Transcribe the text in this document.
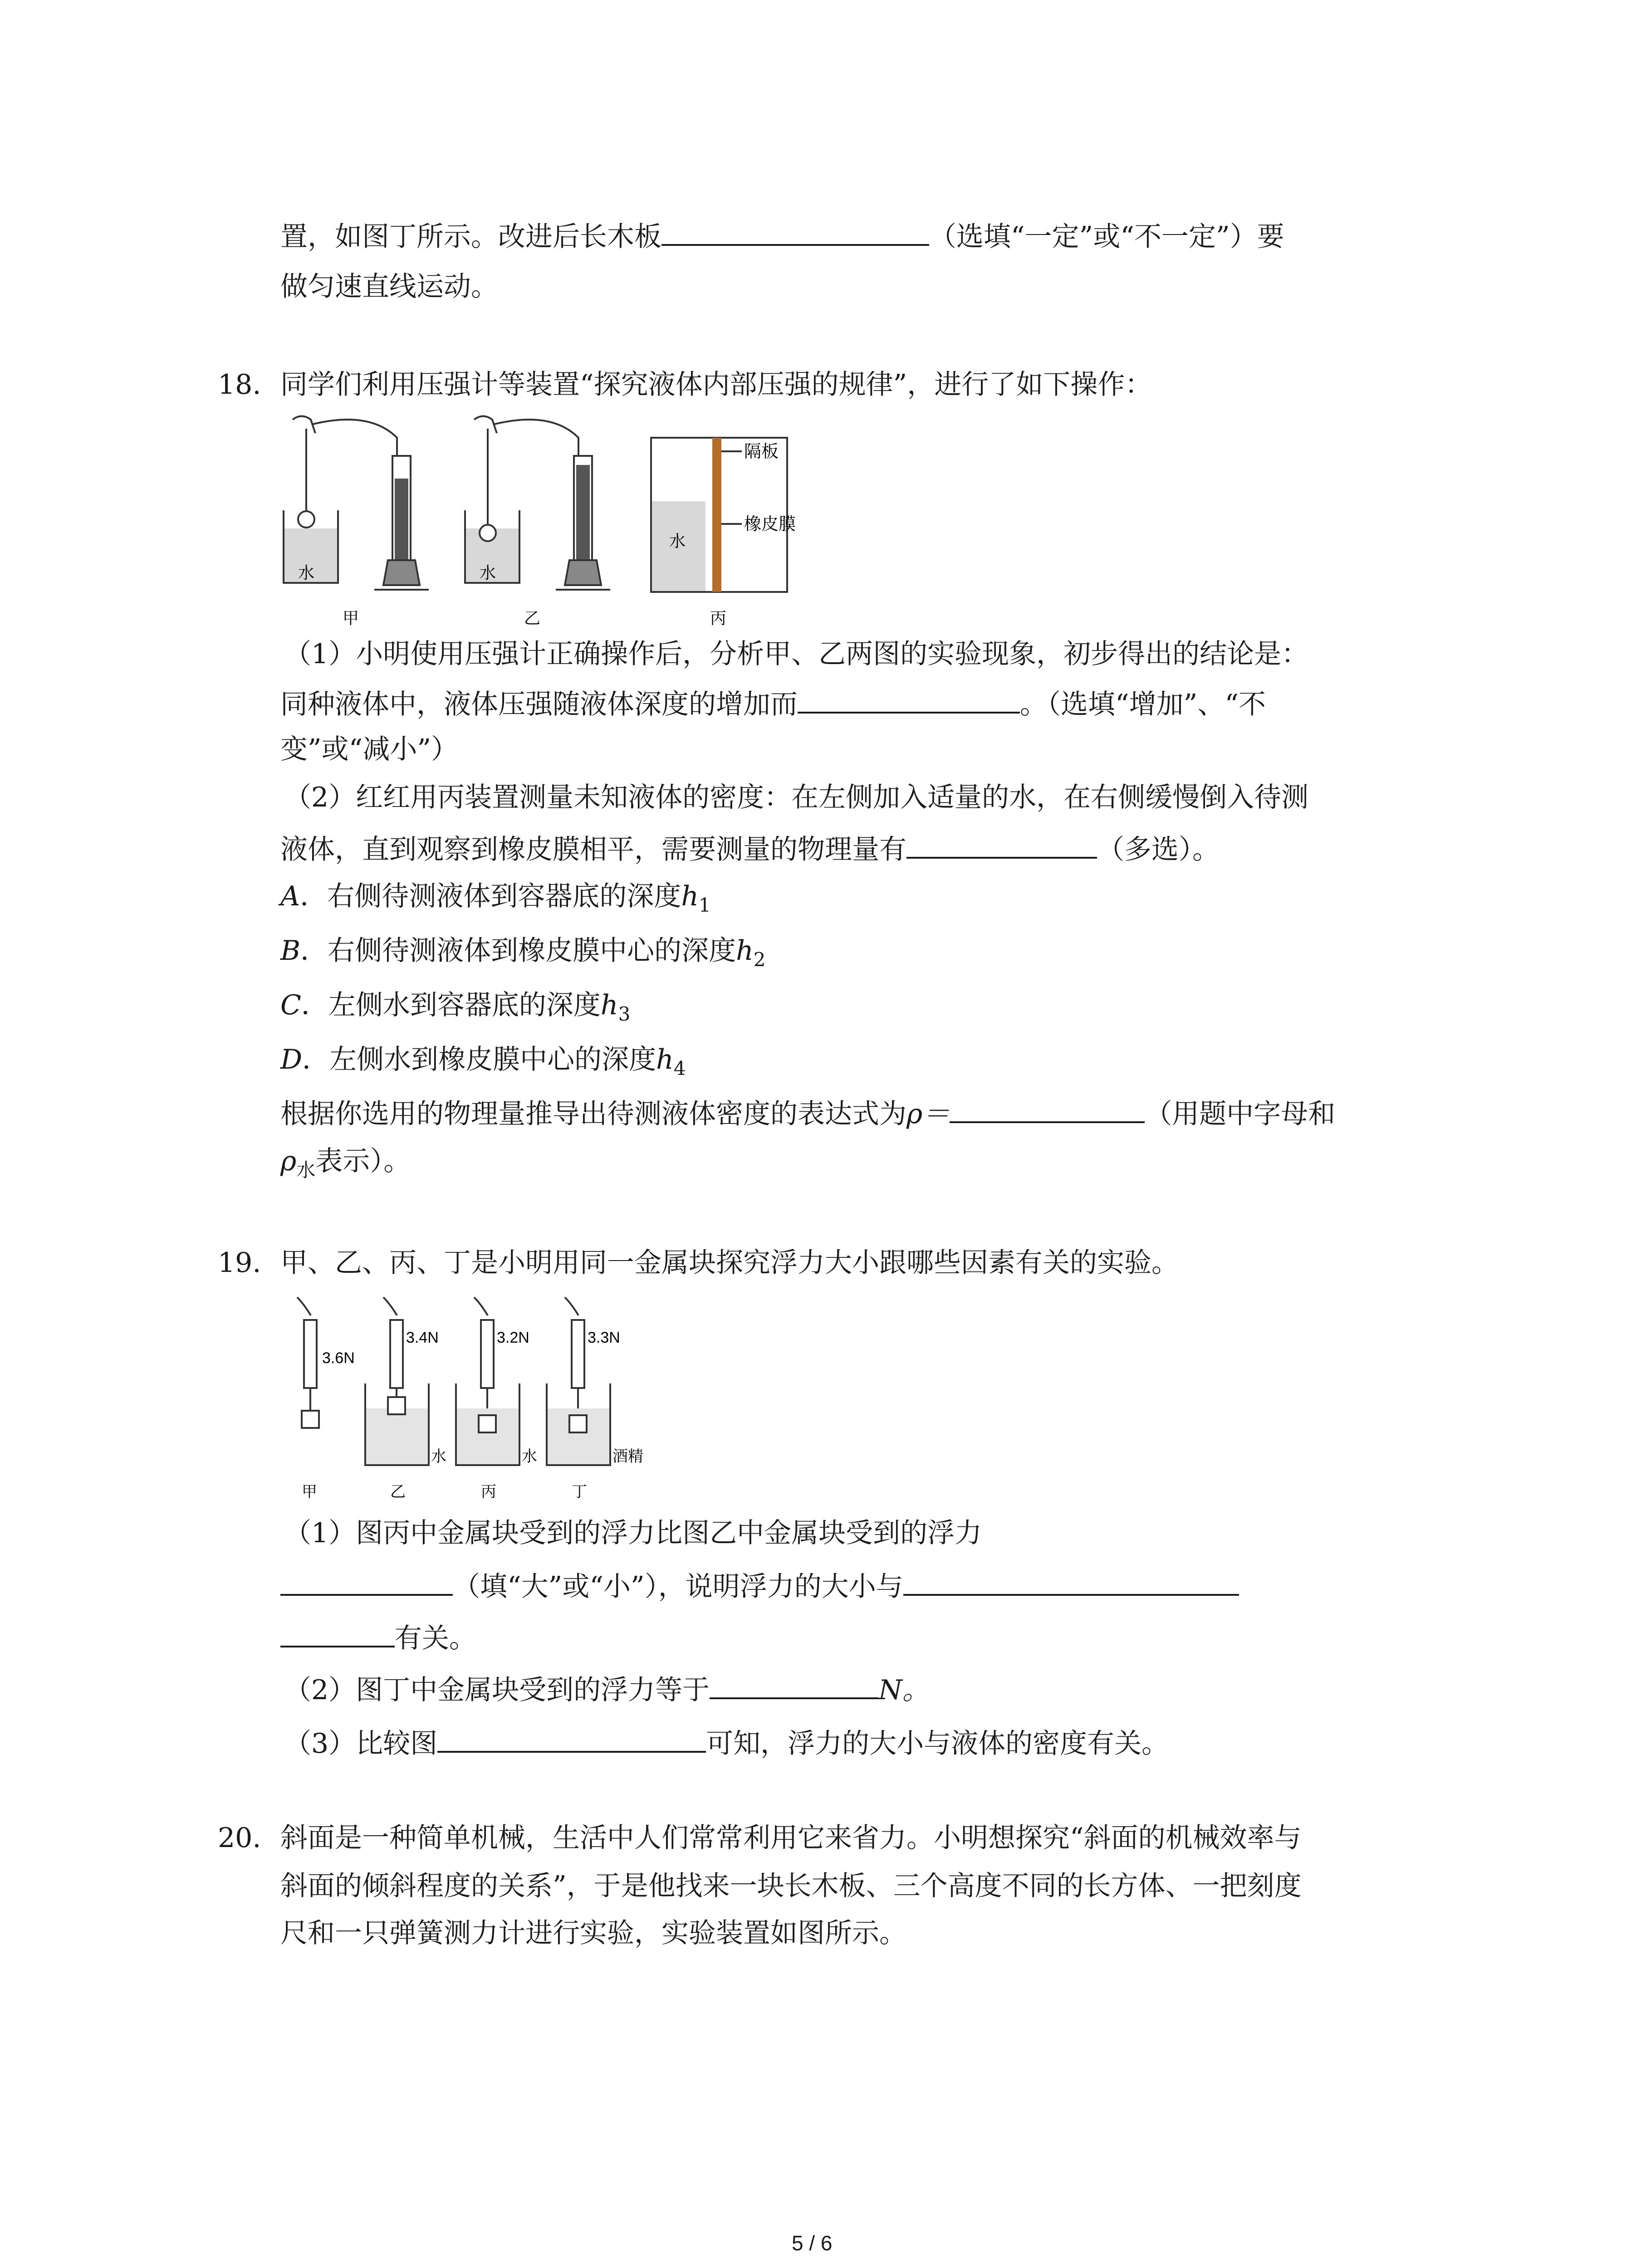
置，如图丁所示。改进后长木板	（选填“一定”或“不一定”）要
做匀速直线运动。
18. 同学们利用压强计等装置“探究液体内部压强的规律”，进行了如下操作：
水	水
水
隔板
橡皮膜
甲	乙	丙
（1）小明使用压强计正确操作后，分析甲、乙两图的实验现象，初步得出的结论是：
同种液体中，液体压强随液体深度的增加而	。（选填“增加”、“不
变”或“减小”）
（2）红红用丙装置测量未知液体的密度：在左侧加入适量的水，在右侧缓慢倒入待测
液体，直到观察到橡皮膜相平，需要测量的物理量有	（多选）。
A．右侧待测液体到容器底的深度$h_1$
B．右侧待测液体到橡皮膜中心的深度$h_2$
C．左侧水到容器底的深度$h_3$
D．左侧水到橡皮膜中心的深度$h_4$
根据你选用的物理量推导出待测液体密度的表达式为ρ＝	（用题中字母和
$\rho_水$表示）。
19. 甲、乙、丙、丁是小明用同一金属块探究浮力大小跟哪些因素有关的实验。
3.6N
3.4N	3.2N	3.3N
水	水	酒精
甲	乙	丙	丁
（1）图丙中金属块受到的浮力比图乙中金属块受到的浮力
（填“大”或“小”），说明浮力的大小与
有关。
（2）图丁中金属块受到的浮力等于	N。
（3）比较图	可知，浮力的大小与液体的密度有关。
20. 斜面是一种简单机械，生活中人们常常利用它来省力。小明想探究“斜面的机械效率与
斜面的倾斜程度的关系”，于是他找来一块长木板、三个高度不同的长方体、一把刻度
尺和一只弹簧测力计进行实验，实验装置如图所示。
5 / 6
